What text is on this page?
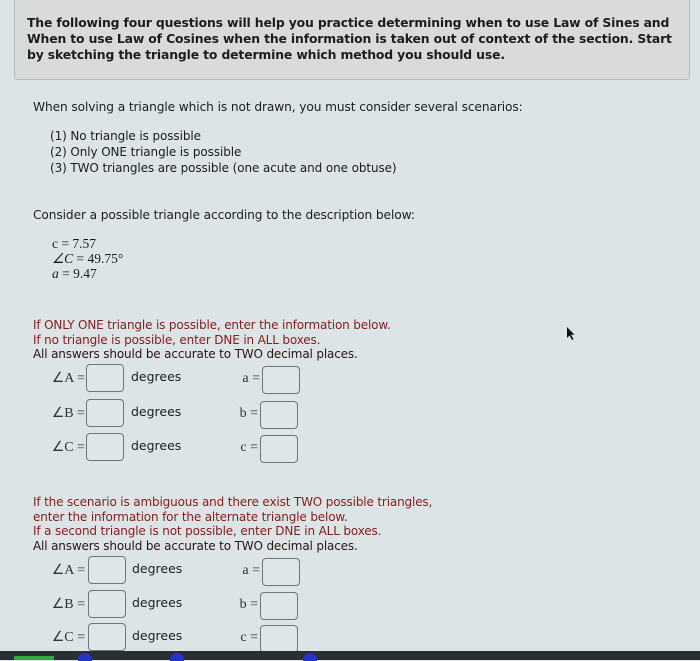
The following four questions will help you practice determining when to use Law of Sines and When to use Law of Cosines when the information is taken out of context of the section. Start by sketching the triangle to determine which method you should use.
When solving a triangle which is not drawn, you must consider several scenarios:
(1) No triangle is possible
(2) Only ONE triangle is possible
(3) TWO triangles are possible (one acute and one obtuse)
Consider a possible triangle according to the description below:
c = 7.57
∠C = 49.75°
a = 9.47
If ONLY ONE triangle is possible, enter the information below.
If no triangle is possible, enter DNE in ALL boxes.
All answers should be accurate to TWO decimal places.
∠A =	degrees	a =
∠B =	degrees	b =
∠C =	degrees	c =
If the scenario is ambiguous and there exist TWO possible triangles,
enter the information for the alternate triangle below.
If a second triangle is not possible, enter DNE in ALL boxes.
All answers should be accurate to TWO decimal places.
∠A =	degrees	a =
∠B =	degrees	b =
∠C =	degrees	c =
